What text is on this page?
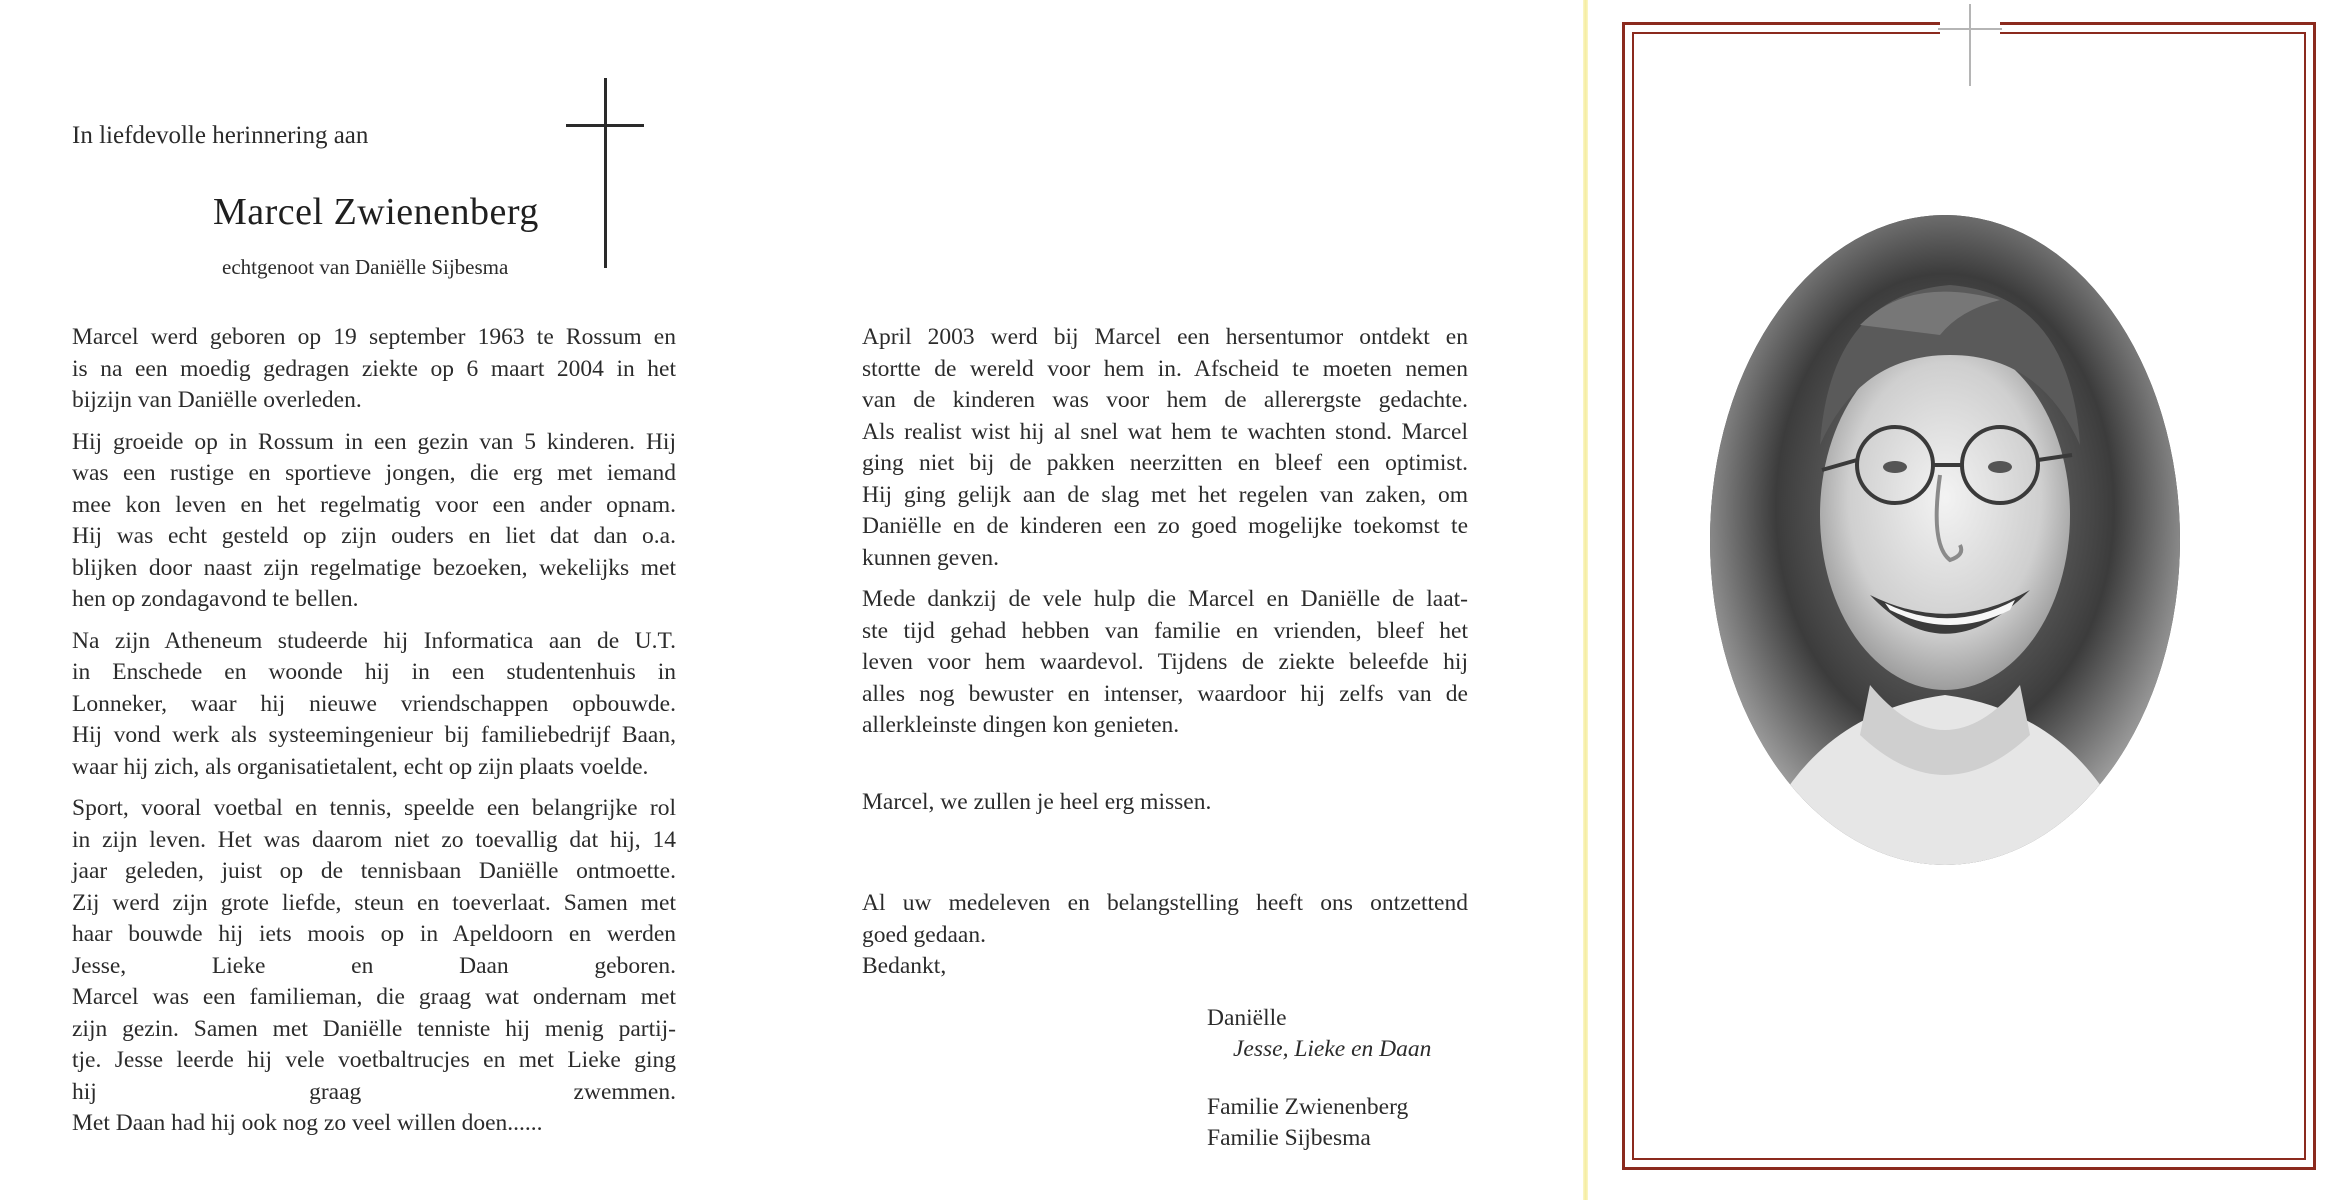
In liefdevolle herinnering aan
Marcel Zwienenberg
echtgenoot van Daniëlle Sijbesma

Marcel werd geboren op 19 september 1963 te Rossum en
is na een moedig gedragen ziekte op 6 maart 2004 in het
bijzijn van Daniëlle overleden.

Hij groeide op in Rossum in een gezin van 5 kinderen. Hij
was een rustige en sportieve jongen, die erg met iemand
mee kon leven en het regelmatig voor een ander opnam.
Hij was echt gesteld op zijn ouders en liet dat dan o.a.
blijken door naast zijn regelmatige bezoeken, wekelijks met
hen op zondagavond te bellen.

Na zijn Atheneum studeerde hij Informatica aan de U.T.
in Enschede en woonde hij in een studentenhuis in
Lonneker, waar hij nieuwe vriendschappen opbouwde.
Hij vond werk als systeemingenieur bij familiebedrijf Baan,
waar hij zich, als organisatietalent, echt op zijn plaats voelde.

Sport, vooral voetbal en tennis, speelde een belangrijke rol
in zijn leven. Het was daarom niet zo toevallig dat hij, 14
jaar geleden, juist op de tennisbaan Daniëlle ontmoette.
Zij werd zijn grote liefde, steun en toeverlaat. Samen met
haar bouwde hij iets moois op in Apeldoorn en werden
Jesse, Lieke en Daan geboren.
Marcel was een familieman, die graag wat ondernam met
zijn gezin. Samen met Daniëlle tenniste hij menig partij-
tje. Jesse leerde hij vele voetbaltrucjes en met Lieke ging
hij graag zwemmen.
Met Daan had hij ook nog zo veel willen doen......

April 2003 werd bij Marcel een hersentumor ontdekt en
stortte de wereld voor hem in. Afscheid te moeten nemen
van de kinderen was voor hem de allerergste gedachte.
Als realist wist hij al snel wat hem te wachten stond. Marcel
ging niet bij de pakken neerzitten en bleef een optimist.
Hij ging gelijk aan de slag met het regelen van zaken, om
Daniëlle en de kinderen een zo goed mogelijke toekomst te
kunnen geven.

Mede dankzij de vele hulp die Marcel en Daniëlle de laat-
ste tijd gehad hebben van familie en vrienden, bleef het
leven voor hem waardevol. Tijdens de ziekte beleefde hij
alles nog bewuster en intenser, waardoor hij zelfs van de
allerkleinste dingen kon genieten.

Marcel, we zullen je heel erg missen.
Al uw medeleven en belangstelling heeft ons ontzettend
goed gedaan.
Bedankt,
Daniëlle
Jesse, Lieke en Daan
Familie Zwienenberg
Familie Sijbesma
